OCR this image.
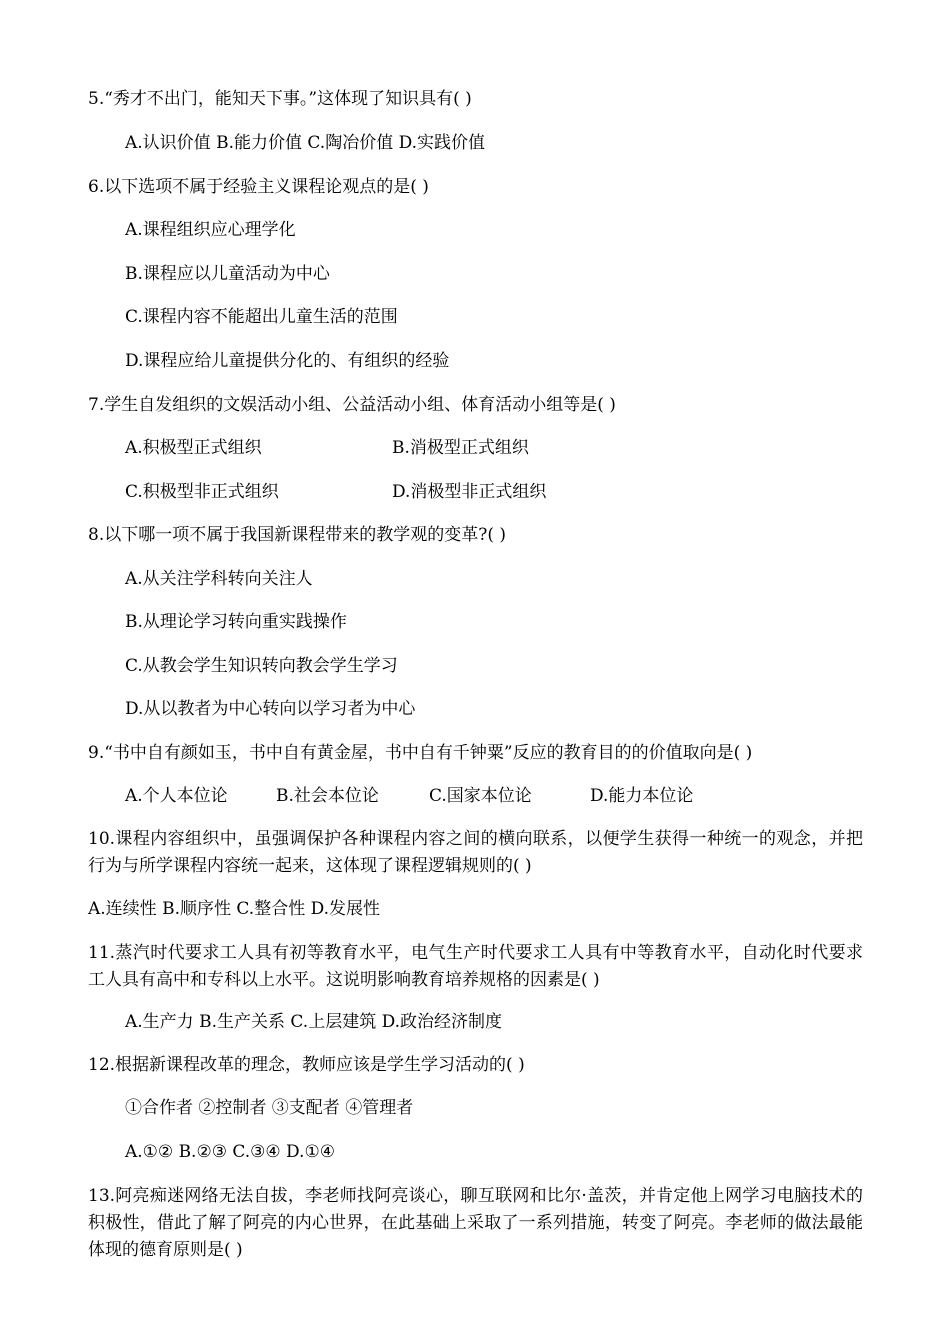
5.“秀才不出门，能知天下事。”这体现了知识具有( )
A.认识价值 B.能力价值 C.陶冶价值 D.实践价值
6.以下选项不属于经验主义课程论观点的是( )
A.课程组织应心理学化
B.课程应以儿童活动为中心
C.课程内容不能超出儿童生活的范围
D.课程应给儿童提供分化的、有组织的经验
7.学生自发组织的文娱活动小组、公益活动小组、体育活动小组等是( )
A.积极型正式组织	B.消极型正式组织
C.积极型非正式组织	D.消极型非正式组织
8.以下哪一项不属于我国新课程带来的教学观的变革?( )
A.从关注学科转向关注人
B.从理论学习转向重实践操作
C.从教会学生知识转向教会学生学习
D.从以教者为中心转向以学习者为中心
9.“书中自有颜如玉，书中自有黄金屋，书中自有千钟粟”反应的教育目的的价值取向是( )
A.个人本位论	B.社会本位论	C.国家本位论	D.能力本位论
10.课程内容组织中，虽强调保护各种课程内容之间的横向联系，以便学生获得一种统一的观念，并把行为与所学课程内容统一起来，这体现了课程逻辑规则的( )
A.连续性 B.顺序性 C.整合性 D.发展性
11.蒸汽时代要求工人具有初等教育水平，电气生产时代要求工人具有中等教育水平，自动化时代要求工人具有高中和专科以上水平。这说明影响教育培养规格的因素是( )
A.生产力 B.生产关系 C.上层建筑 D.政治经济制度
12.根据新课程改革的理念，教师应该是学生学习活动的( )
①合作者 ②控制者 ③支配者 ④管理者
A.①② B.②③ C.③④ D.①④
13.阿亮痴迷网络无法自拔，李老师找阿亮谈心，聊互联网和比尔·盖茨，并肯定他上网学习电脑技术的积极性，借此了解了阿亮的内心世界，在此基础上采取了一系列措施，转变了阿亮。李老师的做法最能体现的德育原则是( )
